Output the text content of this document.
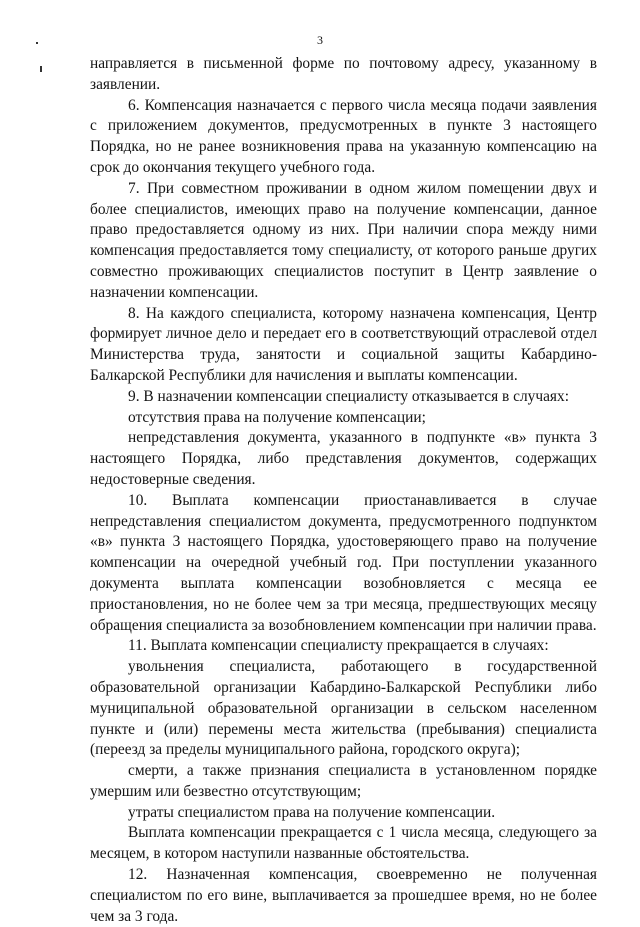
3

направляется в письменной форме по почтовому адресу, указанному в заявлении.

6. Компенсация назначается с первого числа месяца подачи заявления с приложением документов, предусмотренных в пункте 3 настоящего Порядка, но не ранее возникновения права на указанную компенсацию на срок до окончания текущего учебного года.

7. При совместном проживании в одном жилом помещении двух и более специалистов, имеющих право на получение компенсации, данное право предоставляется одному из них. При наличии спора между ними компенсация предоставляется тому специалисту, от которого раньше других совместно проживающих специалистов поступит в Центр заявление о назначении компенсации.

8. На каждого специалиста, которому назначена компенсация, Центр формирует личное дело и передает его в соответствующий отраслевой отдел Министерства труда, занятости и социальной защиты Кабардино-Балкарской Республики для начисления и выплаты компенсации.

9. В назначении компенсации специалисту отказывается в случаях:

отсутствия права на получение компенсации;

непредставления документа, указанного в подпункте «в» пункта 3 настоящего Порядка, либо представления документов, содержащих недостоверные сведения.

10. Выплата компенсации приостанавливается в случае непредставления специалистом документа, предусмотренного подпунктом «в» пункта 3 настоящего Порядка, удостоверяющего право на получение компенсации на очередной учебный год. При поступлении указанного документа выплата компенсации возобновляется с месяца ее приостановления, но не более чем за три месяца, предшествующих месяцу обращения специалиста за возобновлением компенсации при наличии права.

11. Выплата компенсации специалисту прекращается в случаях:

увольнения специалиста, работающего в государственной образовательной организации Кабардино-Балкарской Республики либо муниципальной образовательной организации в сельском населенном пункте и (или) перемены места жительства (пребывания) специалиста (переезд за пределы муниципального района, городского округа);

смерти, а также признания специалиста в установленном порядке умершим или безвестно отсутствующим;

утраты специалистом права на получение компенсации.

Выплата компенсации прекращается с 1 числа месяца, следующего за месяцем, в котором наступили названные обстоятельства.

12. Назначенная компенсация, своевременно не полученная специалистом по его вине, выплачивается за прошедшее время, но не более чем за 3 года.
